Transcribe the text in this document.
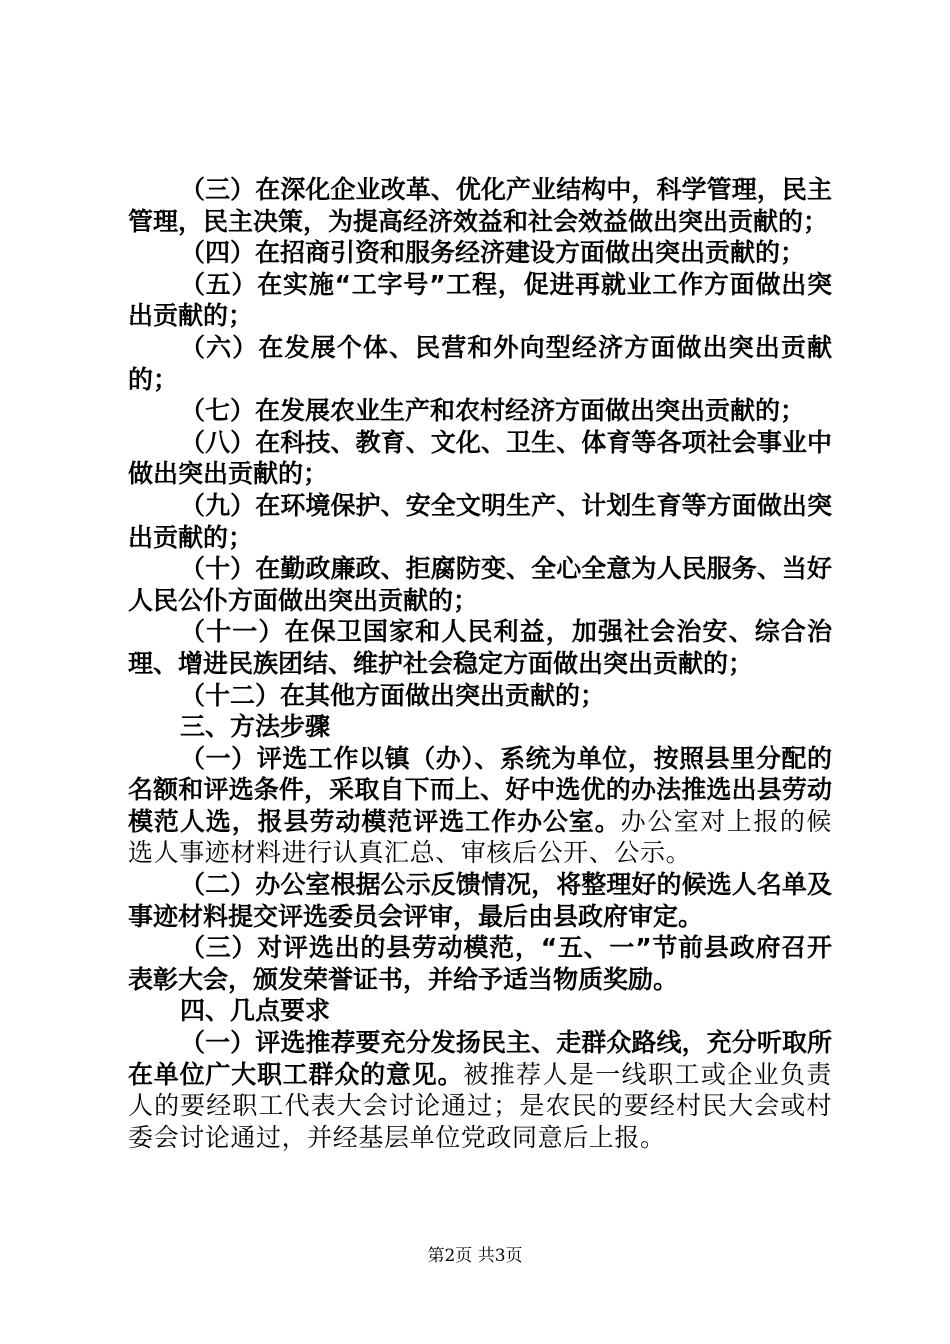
（三）在深化企业改革、优化产业结构中，科学管理，民主管理，民主决策，为提高经济效益和社会效益做出突出贡献的；

（四）在招商引资和服务经济建设方面做出突出贡献的；

（五）在实施“工字号”工程，促进再就业工作方面做出突出贡献的；

（六）在发展个体、民营和外向型经济方面做出突出贡献的；

（七）在发展农业生产和农村经济方面做出突出贡献的；

（八）在科技、教育、文化、卫生、体育等各项社会事业中做出突出贡献的；

（九）在环境保护、安全文明生产、计划生育等方面做出突出贡献的；

（十）在勤政廉政、拒腐防变、全心全意为人民服务、当好人民公仆方面做出突出贡献的；

（十一）在保卫国家和人民利益，加强社会治安、综合治理、增进民族团结、维护社会稳定方面做出突出贡献的；

（十二）在其他方面做出突出贡献的；

三、方法步骤

（一）评选工作以镇（办）、系统为单位，按照县里分配的名额和评选条件，采取自下而上、好中选优的办法推选出县劳动模范人选，报县劳动模范评选工作办公室。办公室对上报的候选人事迹材料进行认真汇总、审核后公开、公示。

（二）办公室根据公示反馈情况，将整理好的候选人名单及事迹材料提交评选委员会评审，最后由县政府审定。

（三）对评选出的县劳动模范，“五、一”节前县政府召开表彰大会，颁发荣誉证书，并给予适当物质奖励。

四、几点要求

（一）评选推荐要充分发扬民主、走群众路线，充分听取所在单位广大职工群众的意见。被推荐人是一线职工或企业负责人的要经职工代表大会讨论通过；是农民的要经村民大会或村委会讨论通过，并经基层单位党政同意后上报。

第2页 共3页
